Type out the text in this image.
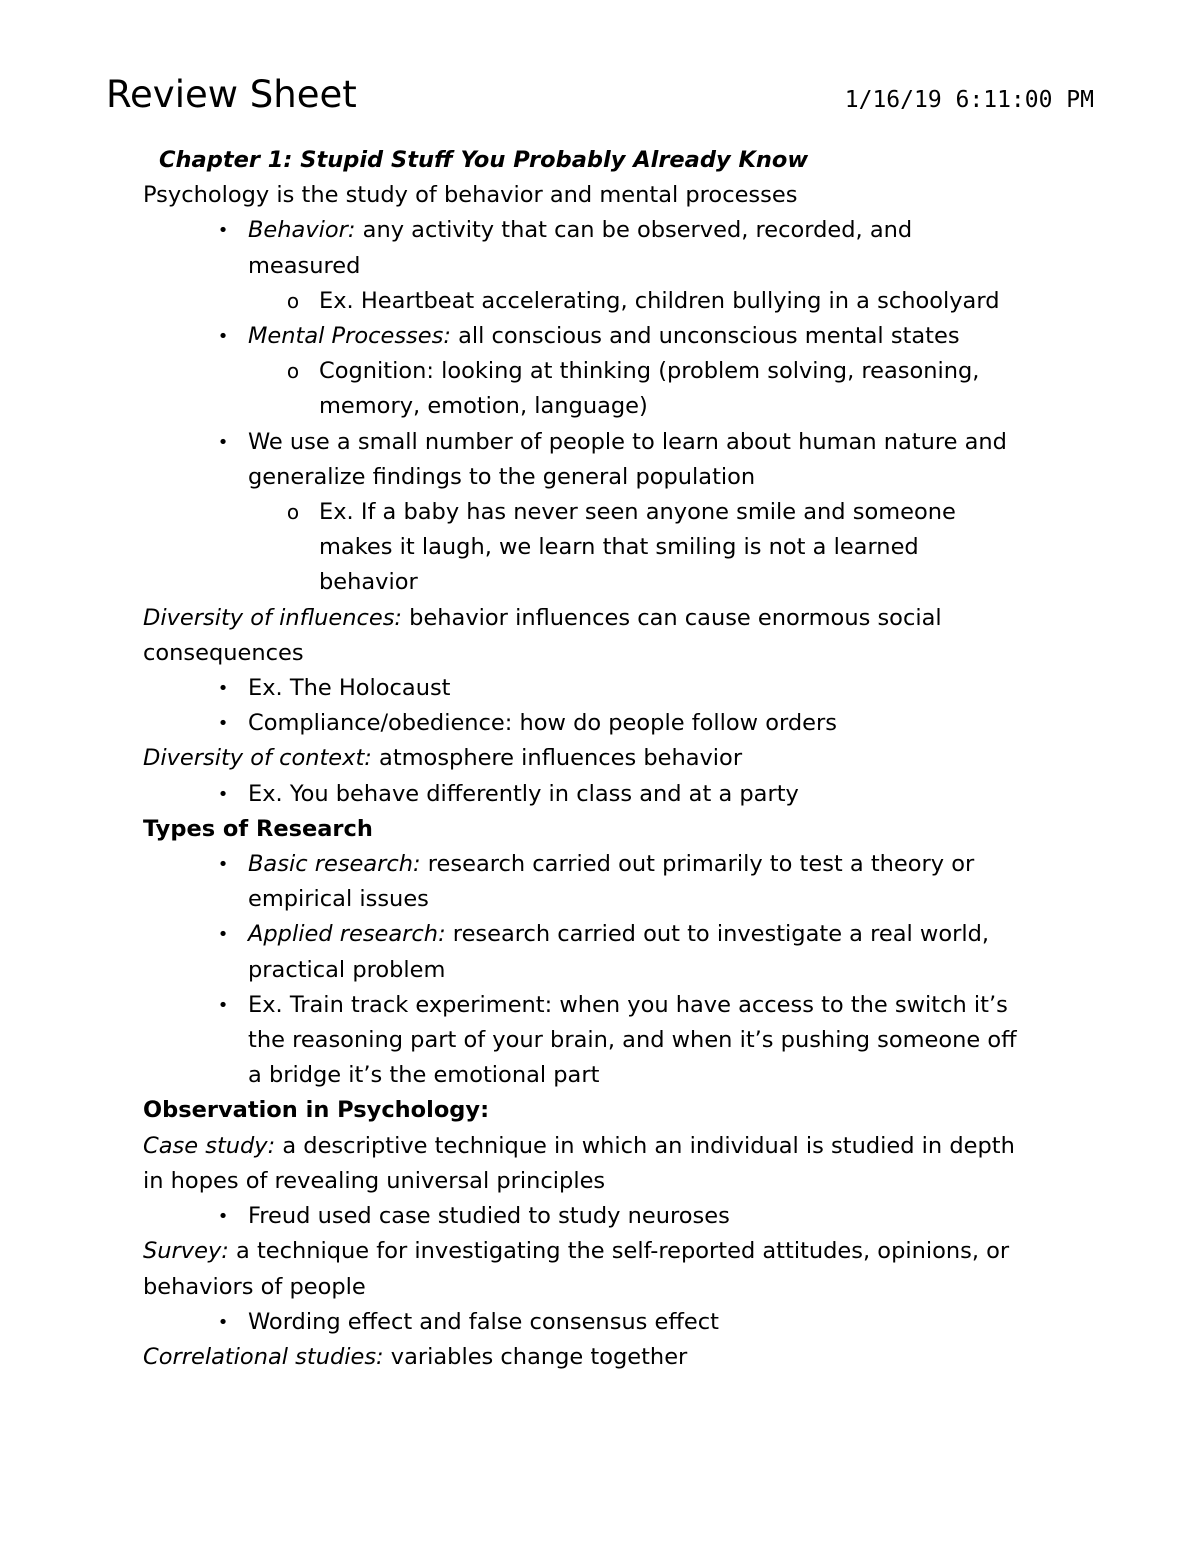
Review Sheet	1/16/19 6:11:00 PM
Chapter 1: Stupid Stuff You Probably Already Know
Psychology is the study of behavior and mental processes
• Behavior: any activity that can be observed, recorded, and
measured
o Ex. Heartbeat accelerating, children bullying in a schoolyard
• Mental Processes: all conscious and unconscious mental states
o Cognition: looking at thinking (problem solving, reasoning,
memory, emotion, language)
• We use a small number of people to learn about human nature and
generalize findings to the general population
o Ex. If a baby has never seen anyone smile and someone
makes it laugh, we learn that smiling is not a learned
behavior
Diversity of influences: behavior influences can cause enormous social
consequences
• Ex. The Holocaust
• Compliance/obedience: how do people follow orders
Diversity of context: atmosphere influences behavior
• Ex. You behave differently in class and at a party
Types of Research
• Basic research: research carried out primarily to test a theory or
empirical issues
• Applied research: research carried out to investigate a real world,
practical problem
• Ex. Train track experiment: when you have access to the switch it’s
the reasoning part of your brain, and when it’s pushing someone off
a bridge it’s the emotional part
Observation in Psychology:
Case study: a descriptive technique in which an individual is studied in depth
in hopes of revealing universal principles
• Freud used case studied to study neuroses
Survey: a technique for investigating the self-reported attitudes, opinions, or
behaviors of people
• Wording effect and false consensus effect
Correlational studies: variables change together
